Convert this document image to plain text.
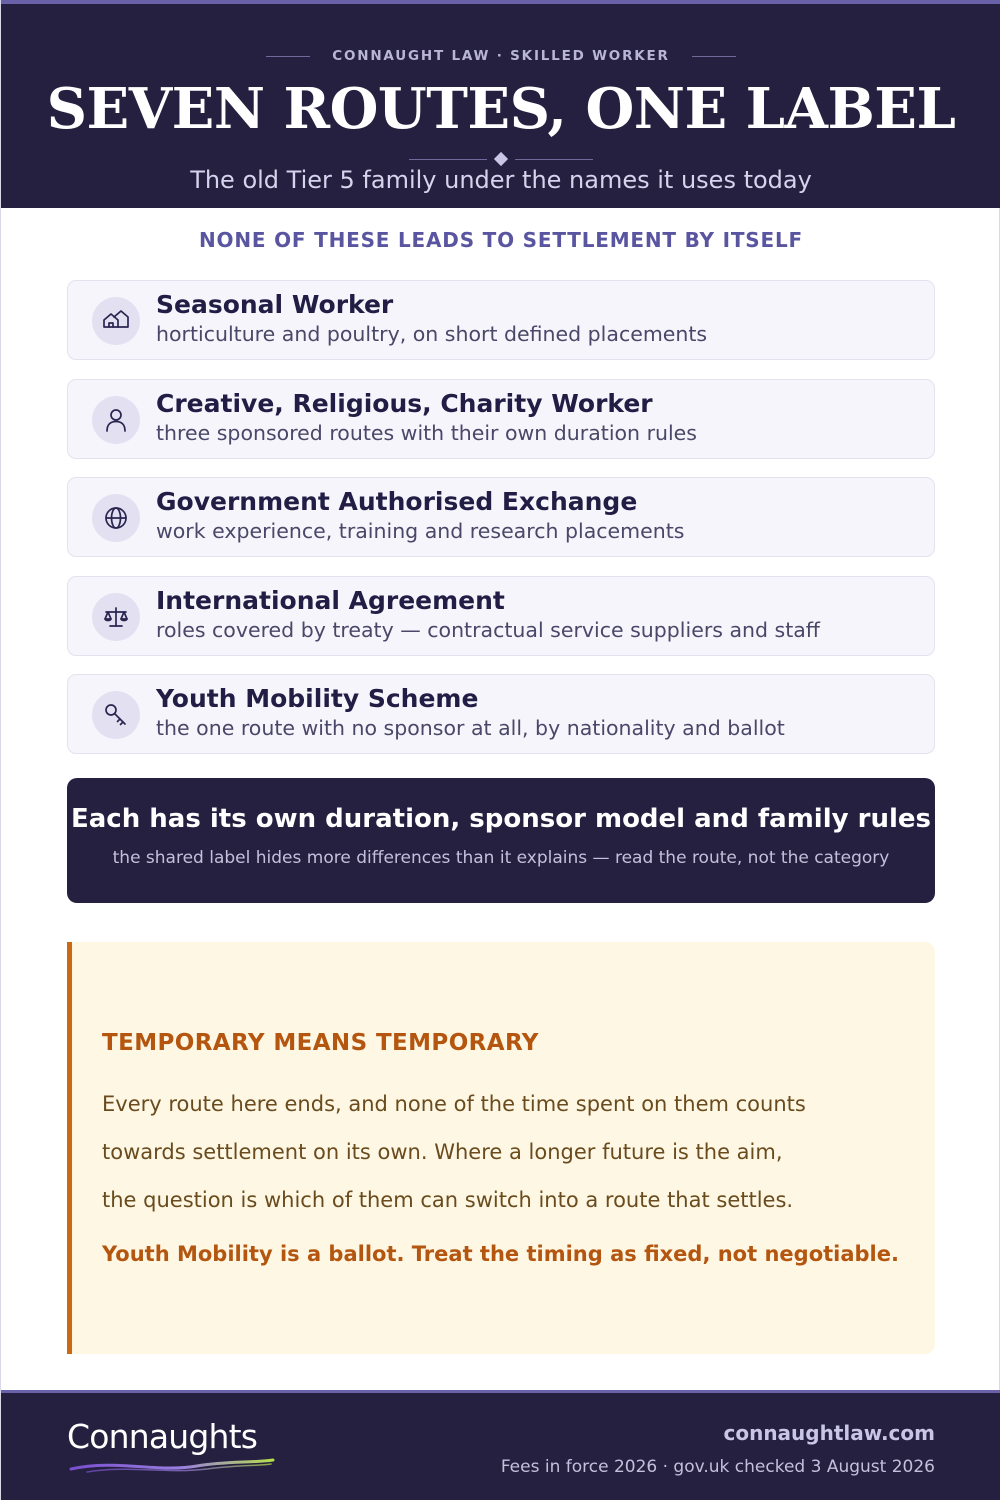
CONNAUGHT LAW · SKILLED WORKER
SEVEN ROUTES, ONE LABEL

The old Tier 5 family under the names it uses today

NONE OF THESE LEADS TO SETTLEMENT BY ITSELF
Seasonal Worker
horticulture and poultry, on short defined placements
Creative, Religious, Charity Worker
three sponsored routes with their own duration rules
Government Authorised Exchange
work experience, training and research placements
International Agreement
roles covered by treaty — contractual service suppliers and staff
Youth Mobility Scheme
the one route with no sponsor at all, by nationality and ballot
Each has its own duration, sponsor model and family rules
the shared label hides more differences than it explains — read the route, not the category
TEMPORARY MEANS TEMPORARY
Every route here ends, and none of the time spent on them counts
towards settlement on its own. Where a longer future is the aim,
the question is which of them can switch into a route that settles.
Youth Mobility is a ballot. Treat the timing as fixed, not negotiable.
Connaughts	connaughtlaw.com
Fees in force 2026 · gov.uk checked 3 August 2026
